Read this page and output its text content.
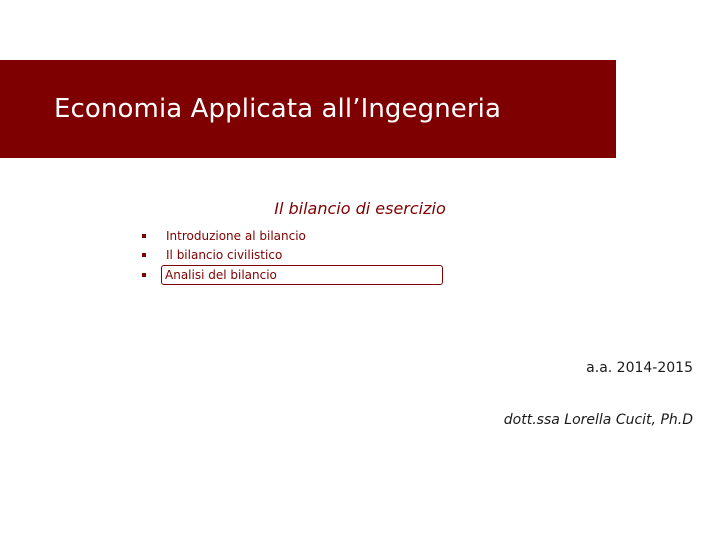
Economia Applicata all’Ingegneria
Il bilancio di esercizio
Introduzione al bilancio
Il bilancio civilistico
Analisi del bilancio
a.a. 2014-2015
dott.ssa Lorella Cucit, Ph.D
